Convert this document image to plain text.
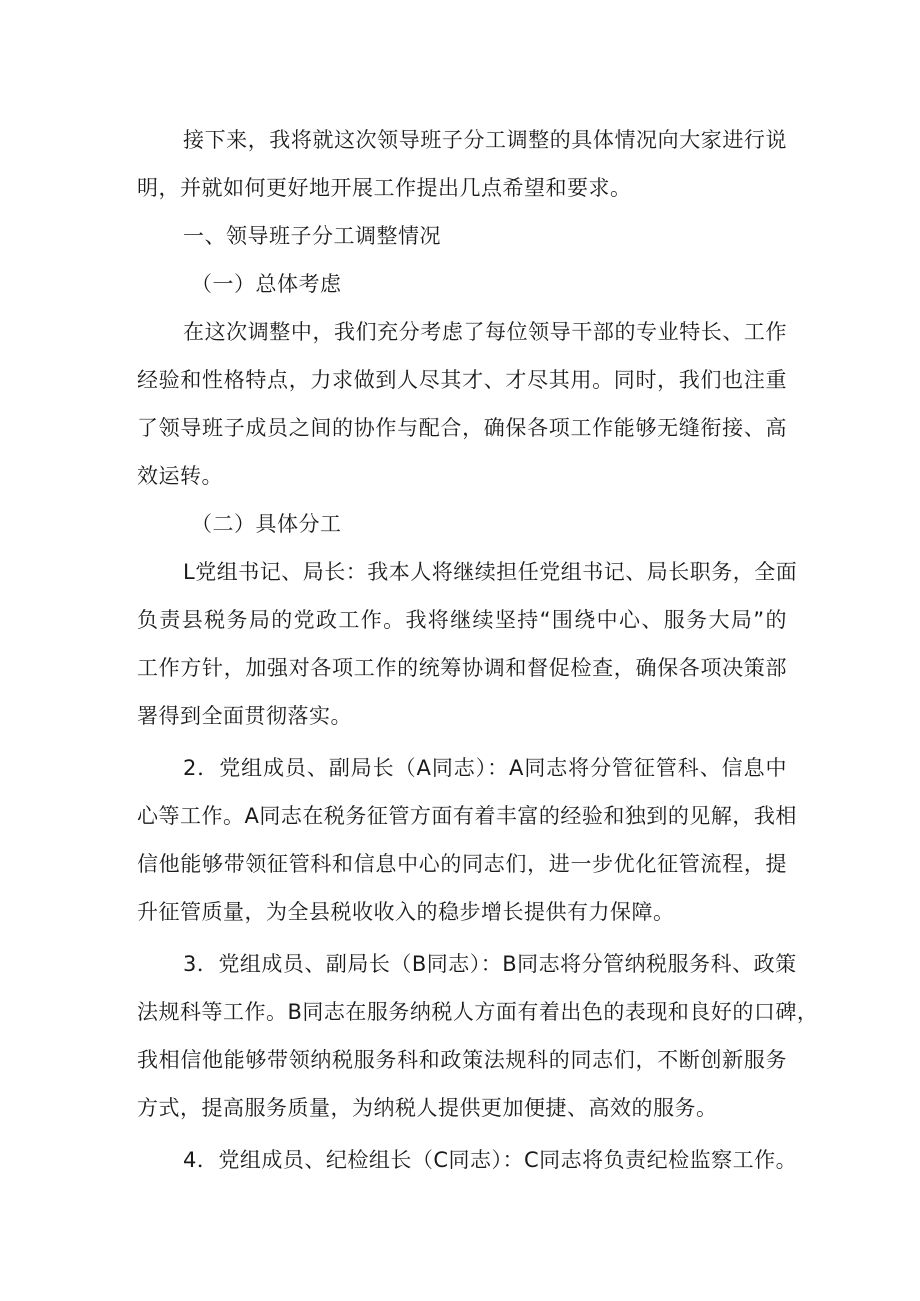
接下来，我将就这次领导班子分工调整的具体情况向大家进行说
明，并就如何更好地开展工作提出几点希望和要求。
一、领导班子分工调整情况
（一）总体考虑
在这次调整中，我们充分考虑了每位领导干部的专业特长、工作
经验和性格特点，力求做到人尽其才、才尽其用。同时，我们也注重
了领导班子成员之间的协作与配合，确保各项工作能够无缝衔接、高
效运转。
（二）具体分工
L党组书记、局长：我本人将继续担任党组书记、局长职务，全面
负责县税务局的党政工作。我将继续坚持“围绕中心、服务大局”的
工作方针，加强对各项工作的统筹协调和督促检查，确保各项决策部
署得到全面贯彻落实。
2．党组成员、副局长（A同志）：A同志将分管征管科、信息中
心等工作。A同志在税务征管方面有着丰富的经验和独到的见解，我相
信他能够带领征管科和信息中心的同志们，进一步优化征管流程，提
升征管质量，为全县税收收入的稳步增长提供有力保障。
3．党组成员、副局长（B同志）：B同志将分管纳税服务科、政策
法规科等工作。B同志在服务纳税人方面有着出色的表现和良好的口碑，
我相信他能够带领纳税服务科和政策法规科的同志们，不断创新服务
方式，提高服务质量，为纳税人提供更加便捷、高效的服务。
4．党组成员、纪检组长（C同志）：C同志将负责纪检监察工作。
